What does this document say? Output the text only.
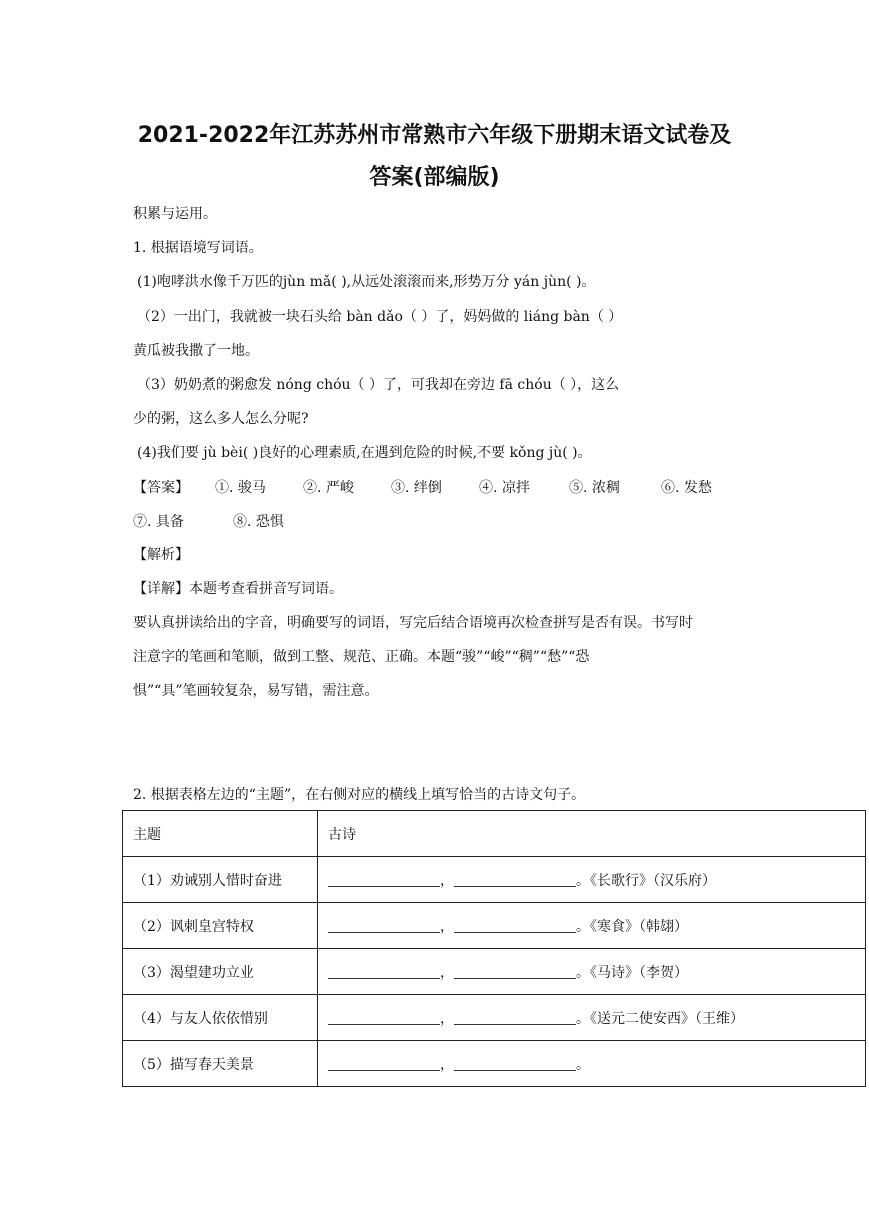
2021-2022年江苏苏州市常熟市六年级下册期末语文试卷及
答案(部编版)
积累与运用。
1. 根据语境写词语。
(1)咆哮洪水像千万匹的jùn mǎ( ),从远处滚滚而来,形势万分 yán jùn( )。
（2）一出门，我就被一块石头给 bàn dǎo（ ）了，妈妈做的 liáng bàn（ ）
黄瓜被我撒了一地。
（3）奶奶煮的粥愈发 nóng chóu（ ）了，可我却在旁边 fā chóu（ ），这么
少的粥，这么多人怎么分呢?
(4)我们要 jù bèi( )良好的心理素质,在遇到危险的时候,不要 kǒng jù( )。
【答案】	①. 骏马	②. 严峻	③. 绊倒	④. 凉拌	⑤. 浓稠	⑥. 发愁
⑦. 具备	⑧. 恐惧
【解析】
【详解】本题考查看拼音写词语。
要认真拼读给出的字音，明确要写的词语，写完后结合语境再次检查拼写是否有误。书写时
注意字的笔画和笔顺，做到工整、规范、正确。本题“骏”“峻”“稠”“愁”“恐
惧”“具”笔画较复杂，易写错，需注意。
2. 根据表格左边的“主题”，在右侧对应的横线上填写恰当的古诗文句子。
主题	古诗
（1）劝诫别人惜时奋进	， 。《长歌行》（汉乐府）
（2）讽刺皇宫特权	， 。《寒食》（韩翃）
（3）渴望建功立业	， 。《马诗》（李贺）
（4）与友人依依惜别	， 。《送元二使安西》（王维）
（5）描写春天美景	， 。
